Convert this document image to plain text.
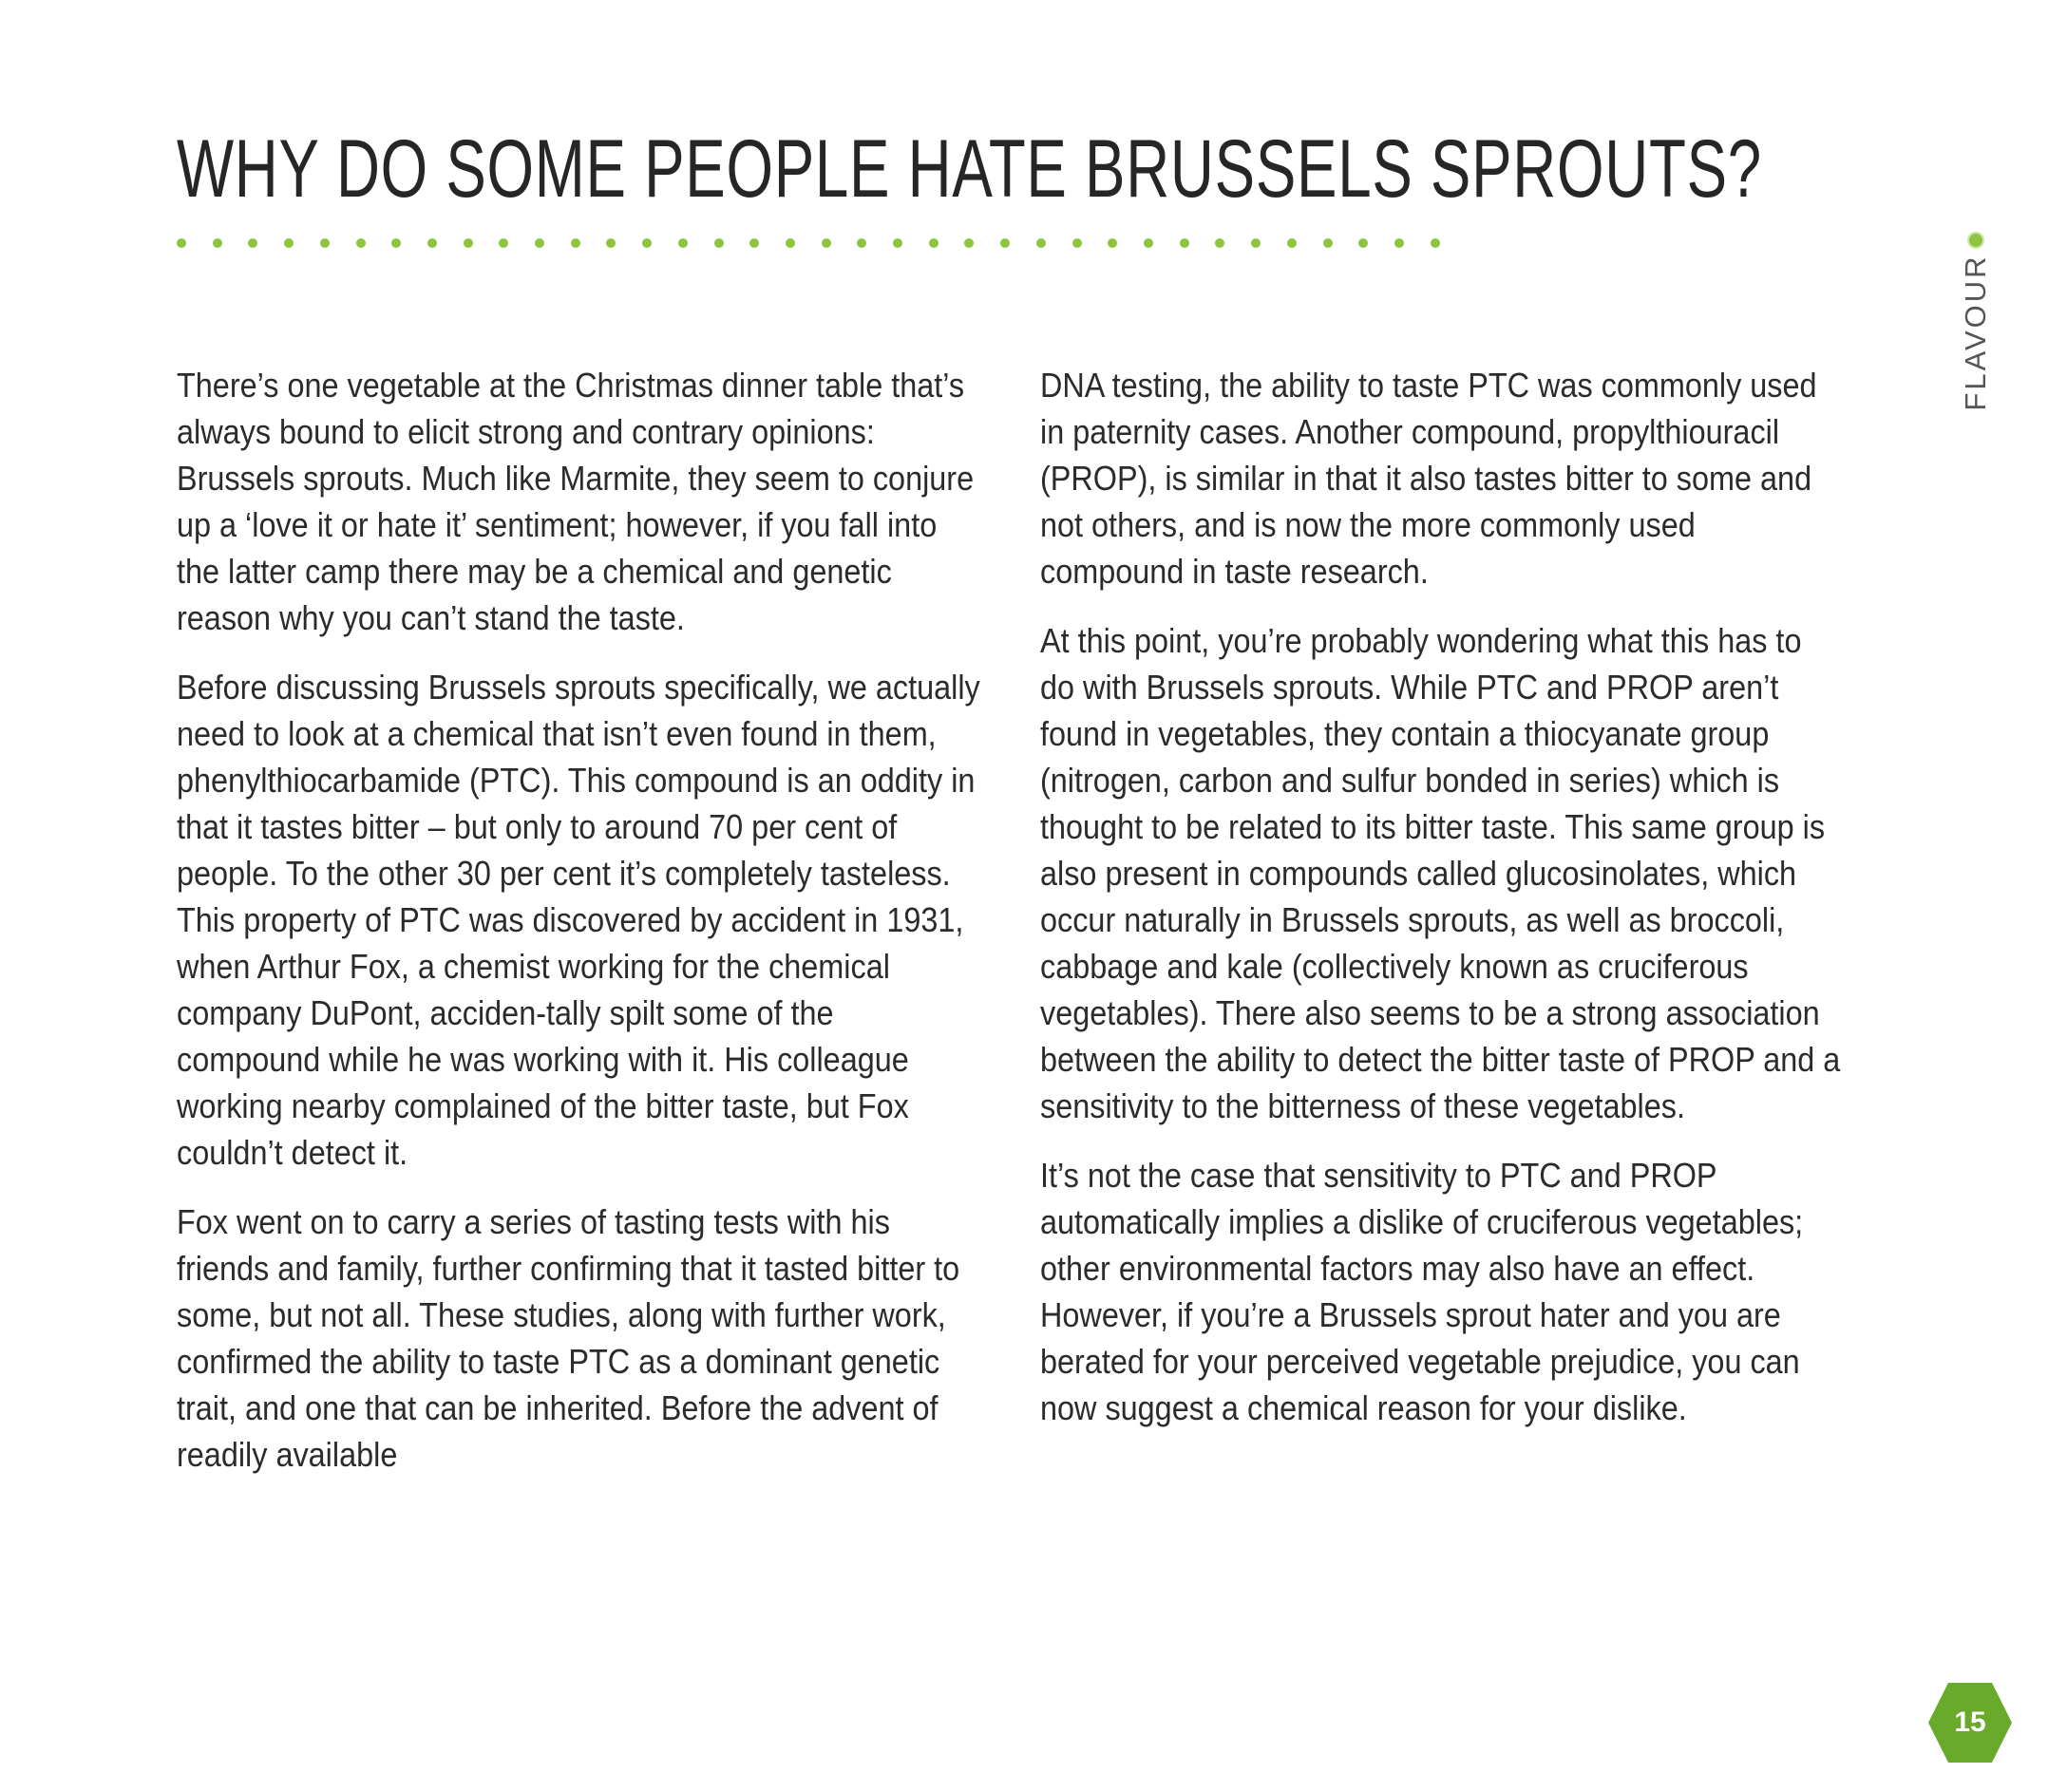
WHY DO SOME PEOPLE HATE BRUSSELS SPROUTS?

There’s one vegetable at the Christmas dinner table that’s always bound to elicit strong and contrary opinions: Brussels sprouts. Much like Marmite, they seem to conjure up a ‘love it or hate it’ sentiment; however, if you fall into the latter camp there may be a chemical and genetic reason why you can’t stand the taste.

Before discussing Brussels sprouts specifically, we actually need to look at a chemical that isn’t even found in them, phenylthiocarbamide (PTC). This compound is an oddity in that it tastes bitter – but only to around 70 per cent of people. To the other 30 per cent it’s completely tasteless. This property of PTC was discovered by accident in 1931, when Arthur Fox, a chemist working for the chemical company DuPont, acciden-tally spilt some of the compound while he was working with it. His colleague working nearby complained of the bitter taste, but Fox couldn’t detect it.

Fox went on to carry a series of tasting tests with his friends and family, further confirming that it tasted bitter to some, but not all. These studies, along with further work, confirmed the ability to taste PTC as a dominant genetic trait, and one that can be inherited. Before the advent of readily available

DNA testing, the ability to taste PTC was commonly used in paternity cases. Another compound, propylthiouracil (PROP), is similar in that it also tastes bitter to some and not others, and is now the more commonly used compound in taste research.

At this point, you’re probably wondering what this has to do with Brussels sprouts. While PTC and PROP aren’t found in vegetables, they contain a thiocyanate group (nitrogen, carbon and sulfur bonded in series) which is thought to be related to its bitter taste. This same group is also present in compounds called glucosinolates, which occur naturally in Brussels sprouts, as well as broccoli, cabbage and kale (collectively known as cruciferous vegetables). There also seems to be a strong association between the ability to detect the bitter taste of PROP and a sensitivity to the bitterness of these vegetables.

It’s not the case that sensitivity to PTC and PROP automatically implies a dislike of cruciferous vegetables; other environmental factors may also have an effect. However, if you’re a Brussels sprout hater and you are berated for your perceived vegetable prejudice, you can now suggest a chemical reason for your dislike.

FLAVOUR
15
